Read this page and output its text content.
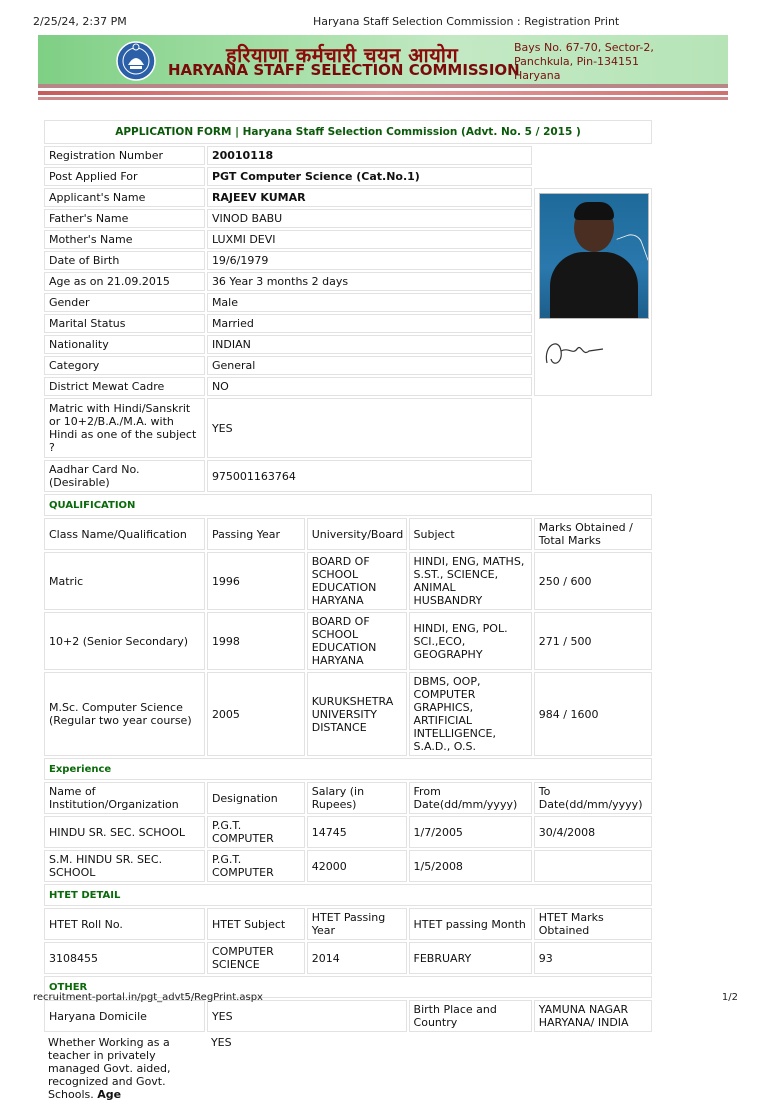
2/25/24, 2:37 PM	Haryana Staff Selection Commission : Registration Print
हरियाणा कर्मचारी चयन आयोग
HARYANA STAFF SELECTION COMMISSION
Bays No. 67-70, Sector-2,
Panchkula, Pin-134151
Haryana
APPLICATION FORM | Haryana Staff Selection Commission (Advt. No. 5 / 2015 )				
Registration Number	20010118			
Post Applied For	PGT Computer Science (Cat.No.1)			
Applicant's Name	RAJEEV KUMAR	

Father's Name	VINOD BABU			
Mother's Name	LUXMI DEVI			
Date of Birth	19/6/1979			
Age as on 21.09.2015	36 Year 3 months 2 days			
Gender	Male			
Marital Status	Married			
Nationality	INDIAN			
Category	General			
District Mewat Cadre	NO			
Matric with Hindi/Sanskrit or 10+2/B.A./M.A. with Hindi as one of the subject ?	YES			
Aadhar Card No.(Desirable)	975001163764			
QUALIFICATION				
Class Name/Qualification	Passing Year	University/Board	Subject	Marks Obtained / Total Marks
Matric	1996	BOARD OF SCHOOL EDUCATION HARYANA	HINDI, ENG, MATHS, S.ST., SCIENCE, ANIMAL HUSBANDRY	250 / 600
10+2 (Senior Secondary)	1998	BOARD OF SCHOOL EDUCATION HARYANA	HINDI, ENG, POL. SCI.,ECO, GEOGRAPHY	271 / 500
M.Sc. Computer Science (Regular two year course)	2005	KURUKSHETRA UNIVERSITY DISTANCE	DBMS, OOP, COMPUTER GRAPHICS, ARTIFICIAL INTELLIGENCE, S.A.D., O.S.	984 / 1600
Experience				
Name of Institution/Organization	Designation	Salary (in Rupees)	From Date(dd/mm/yyyy)	To Date(dd/mm/yyyy)
HINDU SR. SEC. SCHOOL	P.G.T. COMPUTER	14745	1/7/2005	30/4/2008
S.M. HINDU SR. SEC. SCHOOL	P.G.T. COMPUTER	42000	1/5/2008	
HTET DETAIL				
HTET Roll No.	HTET Subject	HTET Passing Year	HTET passing Month	HTET Marks Obtained
3108455	COMPUTER SCIENCE	2014	FEBRUARY	93
OTHER				
Haryana Domicile	YES		Birth Place and Country	YAMUNA NAGAR HARYANA/ INDIA
Whether Working as a teacher in privately managed Govt. aided, recognized and Govt. Schools. Age	YES			
recruitment-portal.in/pgt_advt5/RegPrint.aspx	1/2
